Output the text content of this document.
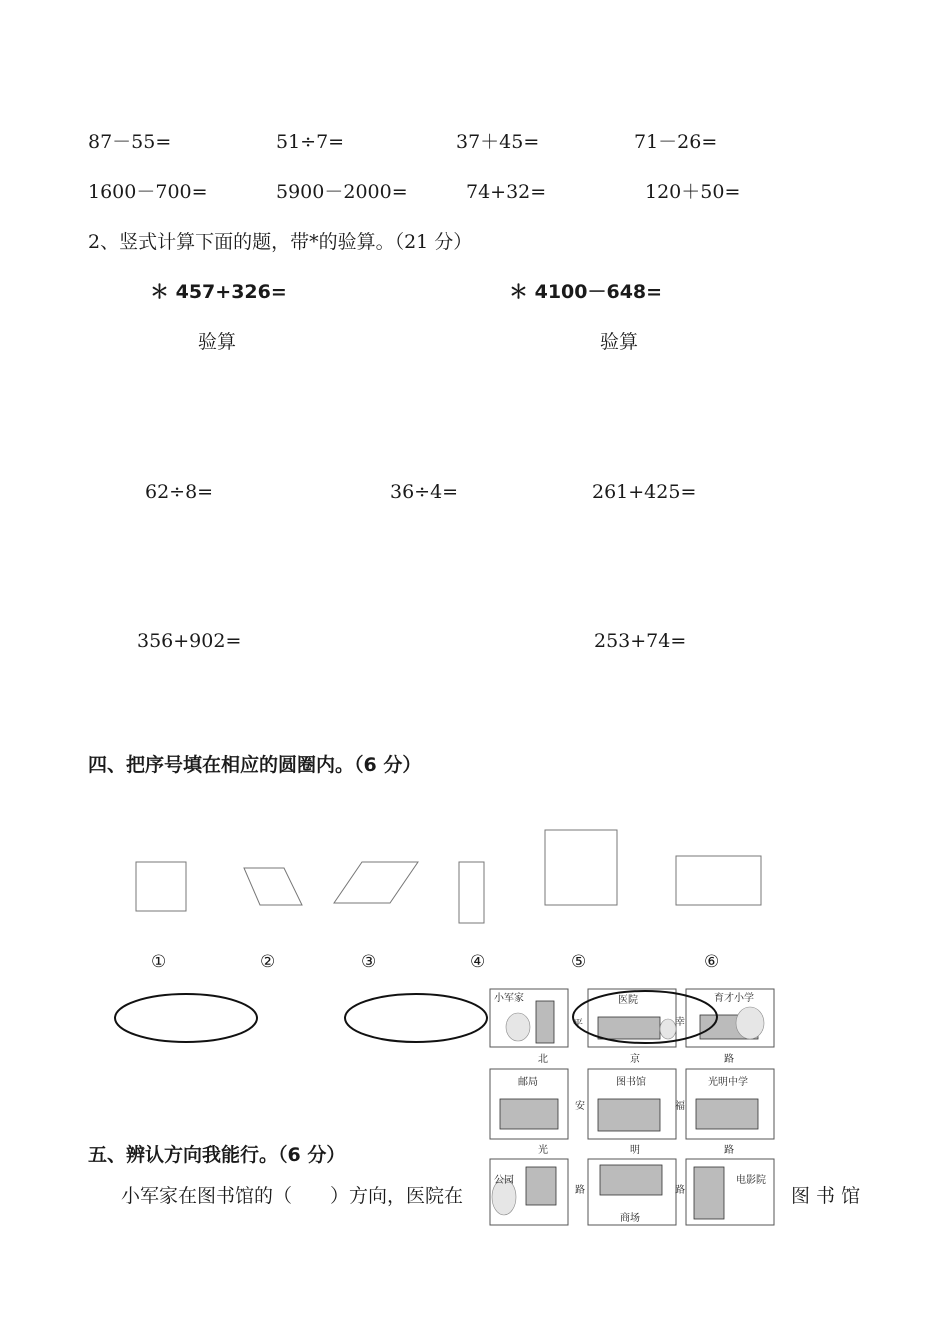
87－55=	51÷7=	37＋45=	71－26=
1600－700=	5900－2000=	74+32=	120＋50=
2、竖式计算下面的题，带*的验算。（21 分）
＊ 457+326=	＊ 4100－648=
验算	验算
62÷8=	36÷4=	261+425=
356+902=	253+74=
四、把序号填在相应的圆圈内。（6 分）
①	②	③	④	⑤	⑥
小军家	医院	育才小学
邮局	图书馆	光明中学
公园
商场
电影院
北	京	路
光	明	路
平
安
路
幸
福
路
五、辨认方向我能行。（6 分）
小军家在图书馆的（　　）方向，医院在	图 书 馆
